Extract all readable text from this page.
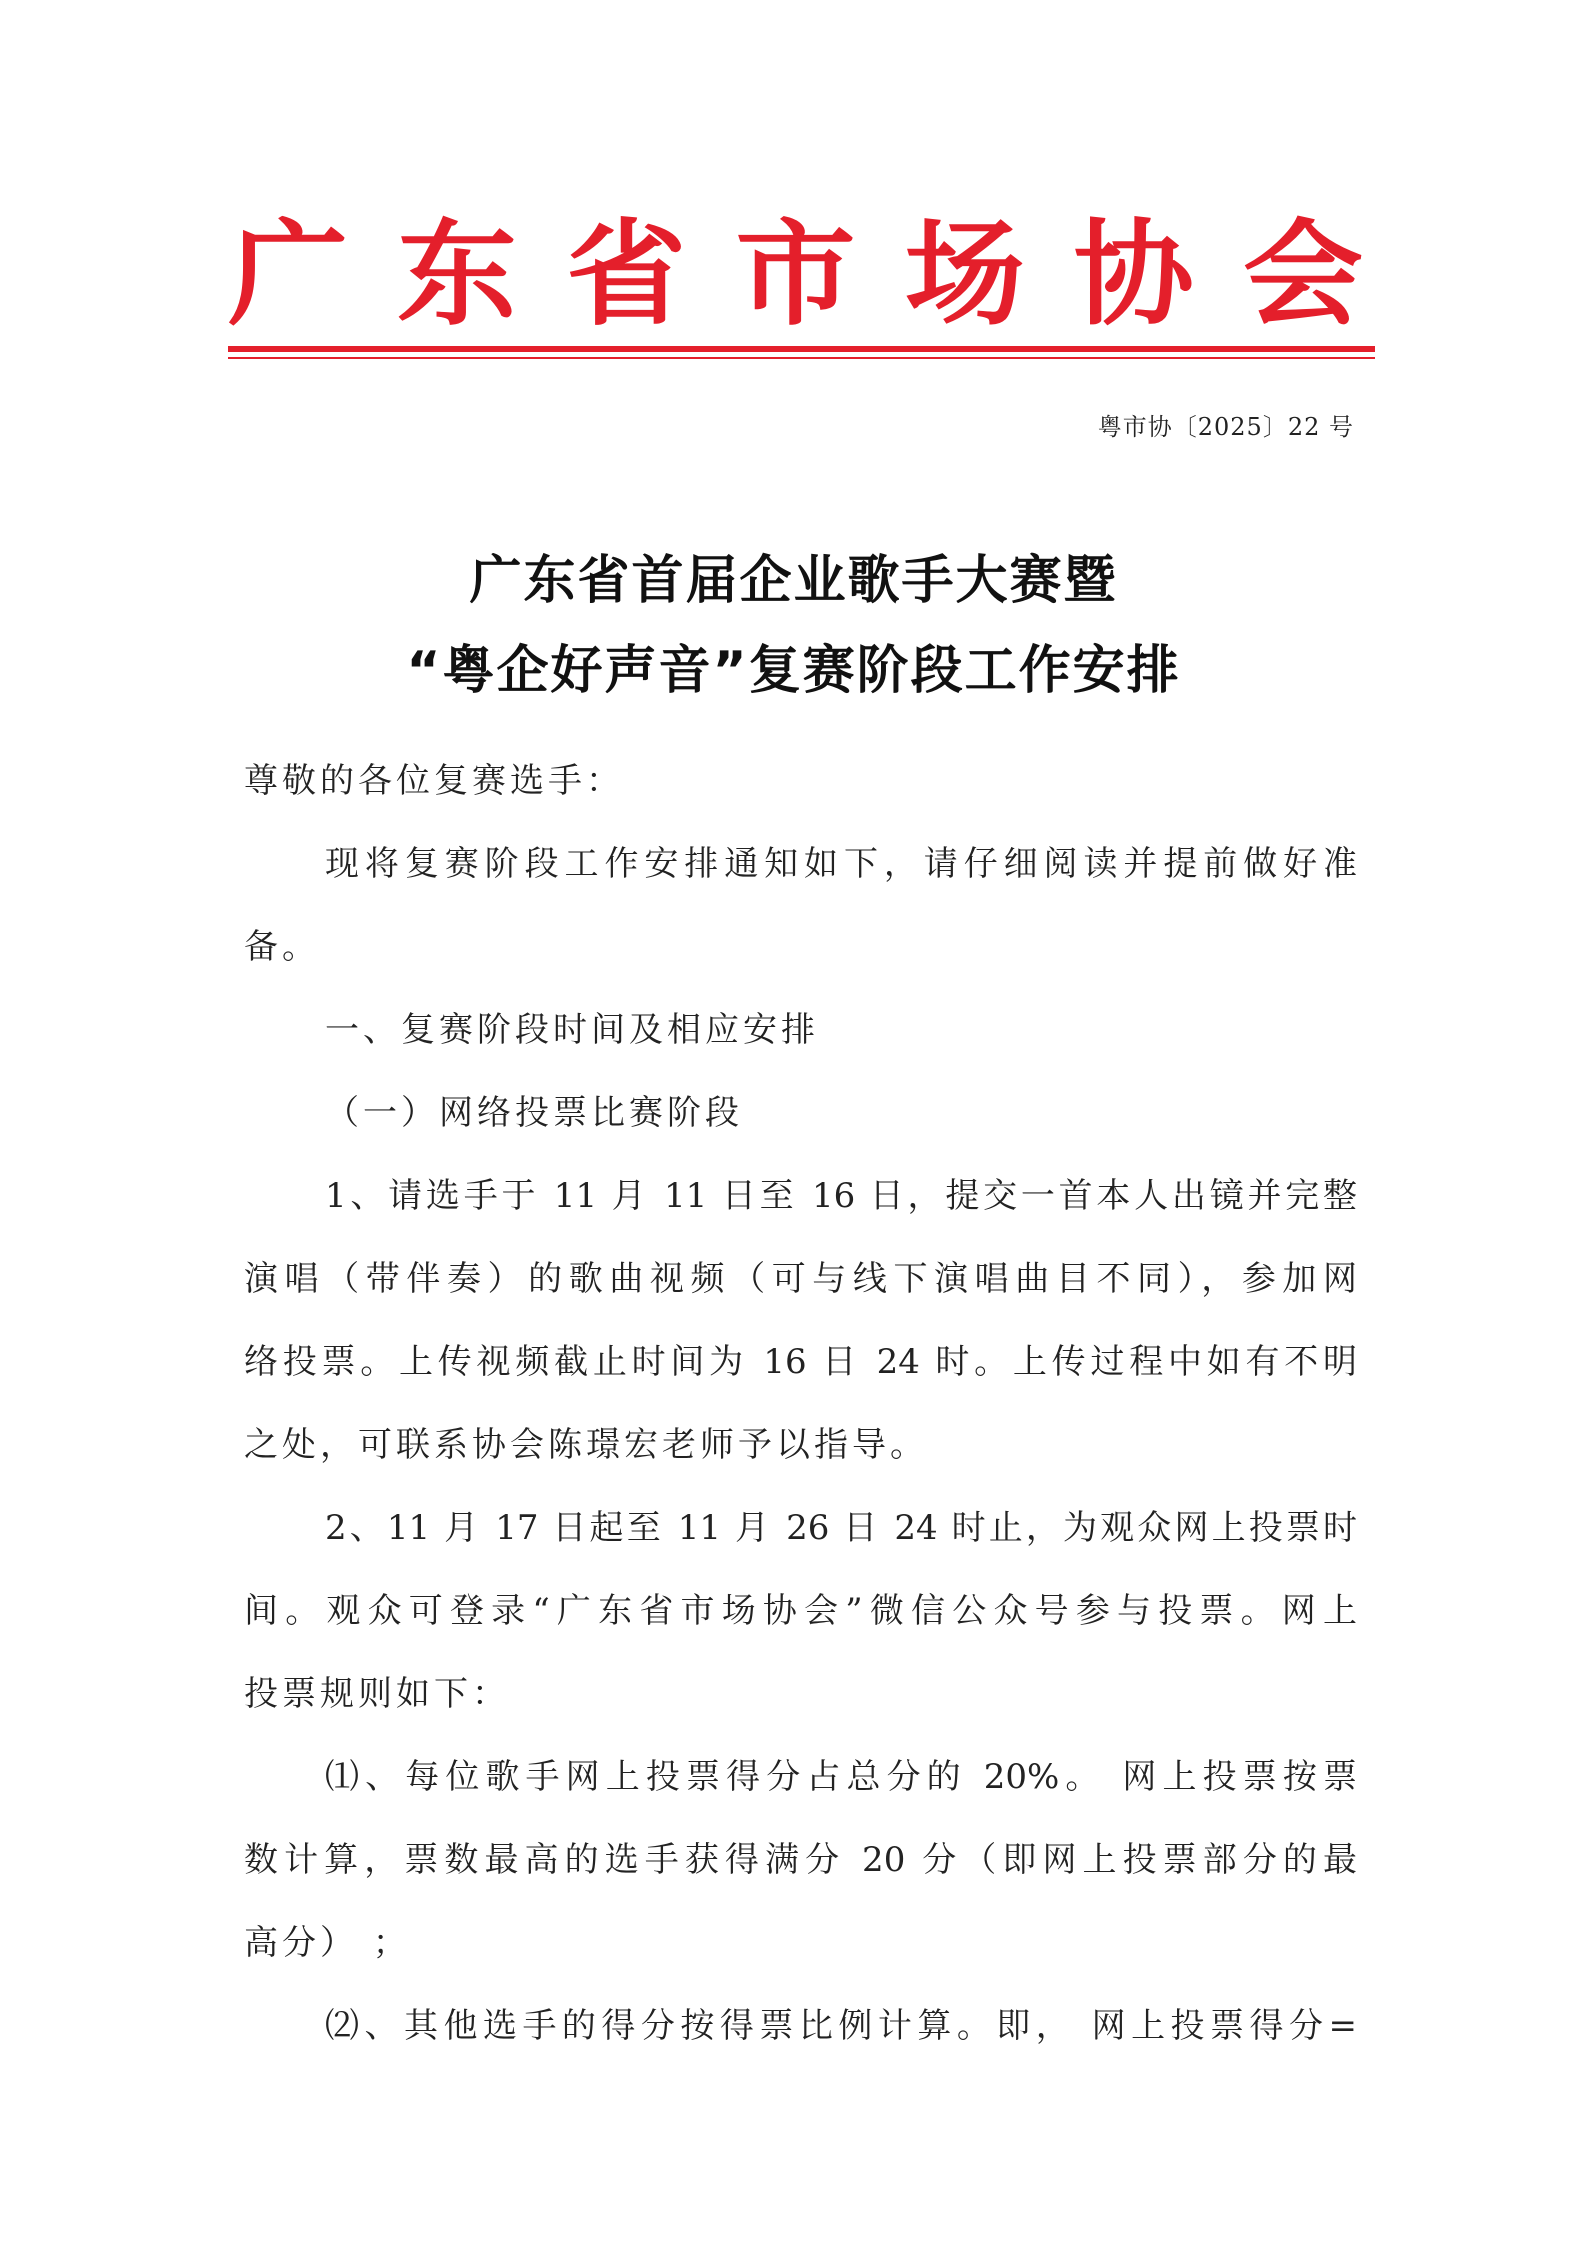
广 东 省 市 场 协 会
粤市协〔2025〕22 号
广东省首届企业歌手大赛暨
“粤企好声音”复赛阶段工作安排
尊敬的各位复赛选手：
现将复赛阶段工作安排通知如下，请仔细阅读并提前做好准
备。
一、复赛阶段时间及相应安排
（一）网络投票比赛阶段
1、请选手于 11 月 11 日至 16 日，提交一首本人出镜并完整
演唱（带伴奏）的歌曲视频（可与线下演唱曲目不同），参加网
络投票。上传视频截止时间为 16 日 24 时。上传过程中如有不明
之处，可联系协会陈璟宏老师予以指导。
2、11 月 17 日起至 11 月 26 日 24 时止，为观众网上投票时
间。观众可登录“广东省市场协会”微信公众号参与投票。网上
投票规则如下：
⑴、每位歌手网上投票得分占总分的 20%。 网上投票按票
数计算，票数最高的选手获得满分 20 分（即网上投票部分的最
高分） ；
⑵、其他选手的得分按得票比例计算。即， 网上投票得分=
